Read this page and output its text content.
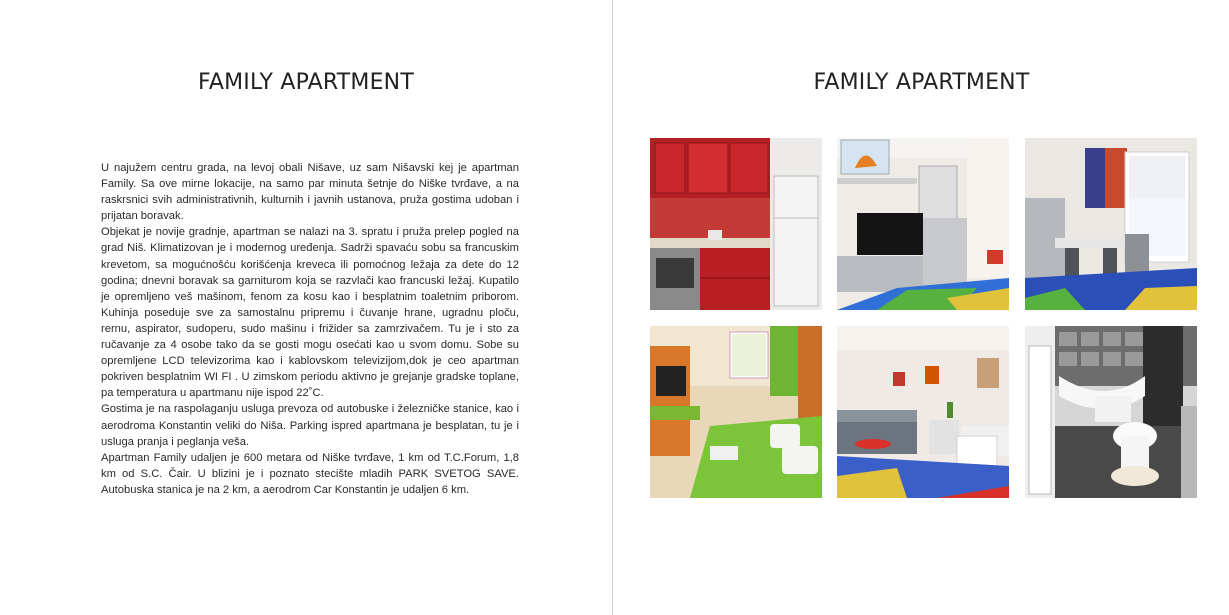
FAMILY APARTMENT

U najužem centru grada, na levoj obali Nišave, uz sam Nišavski kej je apartman Family. Sa ove mirne lokacije, na samo par minuta šetnje do Niške tvrđave, a na raskrsnici svih administrativnih, kulturnih i javnih ustanova, pruža gostima udoban i prijatan boravak.

Objekat je novije gradnje, apartman se nalazi na 3. spratu i pruža prelep pogled na grad Niš. Klimatizovan je i modernog uređenja. Sadrži spavaću sobu sa francuskim krevetom, sa mogućnošću korišćenja kreveca ili pomoćnog ležaja za dete do 12 godina; dnevni boravak sa garniturom koja se razvlači kao francuski ležaj. Kupatilo je opremljeno veš mašinom, fenom za kosu kao i besplatnim toaletnim priborom. Kuhinja poseduje sve za samostalnu pripremu i čuvanje hrane, ugradnu ploču, rernu, aspirator, sudoperu, sudo mašinu i frižider sa zamrzivačem. Tu je i sto za ručavanje za 4 osobe tako da se gosti mogu osećati kao u svom domu. Sobe su opremljene LCD televizorima kao i kablovskom televizijom,dok je ceo apartman pokriven besplatnim WI FI . U zimskom periodu aktivno je grejanje gradske toplane, pa temperatura u apartmanu nije ispod 22˚C.

Gostima je na raspolaganju usluga prevoza od autobuske i železničke stanice, kao i aerodroma Konstantin veliki do Niša. Parking ispred apartmana je besplatan, tu je i usluga pranja i peglanja veša.

Apartman Family udaljen je 600 metara od Niške tvrđave, 1 km od T.C.Forum, 1,8 km od S.C. Čair. U blizini je i poznato stecište mladih PARK SVETOG SAVE. Autobuska stanica je na 2 km, a aerodrom Car Konstantin je udaljen 6 km.

FAMILY APARTMENT
